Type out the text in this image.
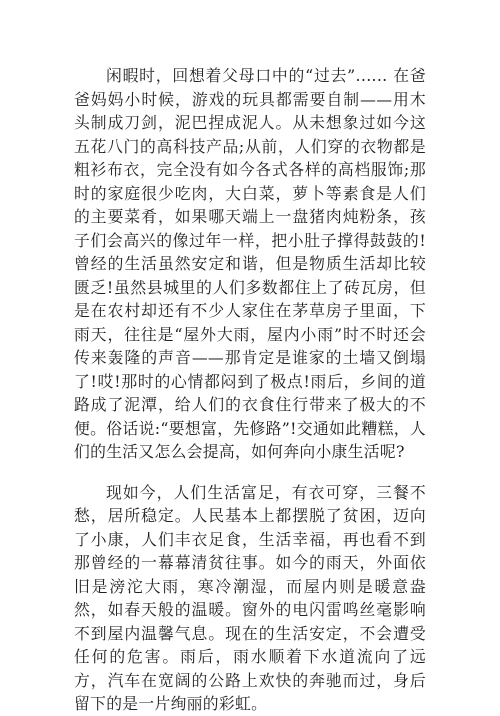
闲暇时，回想着父母口中的“过去”...... 在爸爸妈妈小时候，游戏的玩具都需要自制——用木头制成刀剑，泥巴捏成泥人。从未想象过如今这五花八门的高科技产品;从前，人们穿的衣物都是粗衫布衣，完全没有如今各式各样的高档服饰;那时的家庭很少吃肉，大白菜，萝卜等素食是人们的主要菜肴，如果哪天端上一盘猪肉炖粉条，孩子们会高兴的像过年一样，把小肚子撑得鼓鼓的!曾经的生活虽然安定和谐，但是物质生活却比较匮乏!虽然县城里的人们多数都住上了砖瓦房，但是在农村却还有不少人家住在茅草房子里面，下雨天，往往是“屋外大雨，屋内小雨”时不时还会传来轰隆的声音——那肯定是谁家的土墙又倒塌了!哎!那时的心情都闷到了极点!雨后，乡间的道路成了泥潭，给人们的衣食住行带来了极大的不便。俗话说:“要想富，先修路”!交通如此糟糕，人们的生活又怎么会提高，如何奔向小康生活呢?

现如今，人们生活富足，有衣可穿，三餐不愁，居所稳定。人民基本上都摆脱了贫困，迈向了小康，人们丰衣足食，生活幸福，再也看不到那曾经的一幕幕清贫往事。如今的雨天，外面依旧是滂沱大雨，寒冷潮湿，而屋内则是暖意盎然，如春天般的温暖。窗外的电闪雷鸣丝毫影响不到屋内温馨气息。现在的生活安定，不会遭受任何的危害。雨后，雨水顺着下水道流向了远方，汽车在宽阔的公路上欢快的奔驰而过，身后留下的是一片绚丽的彩虹。
